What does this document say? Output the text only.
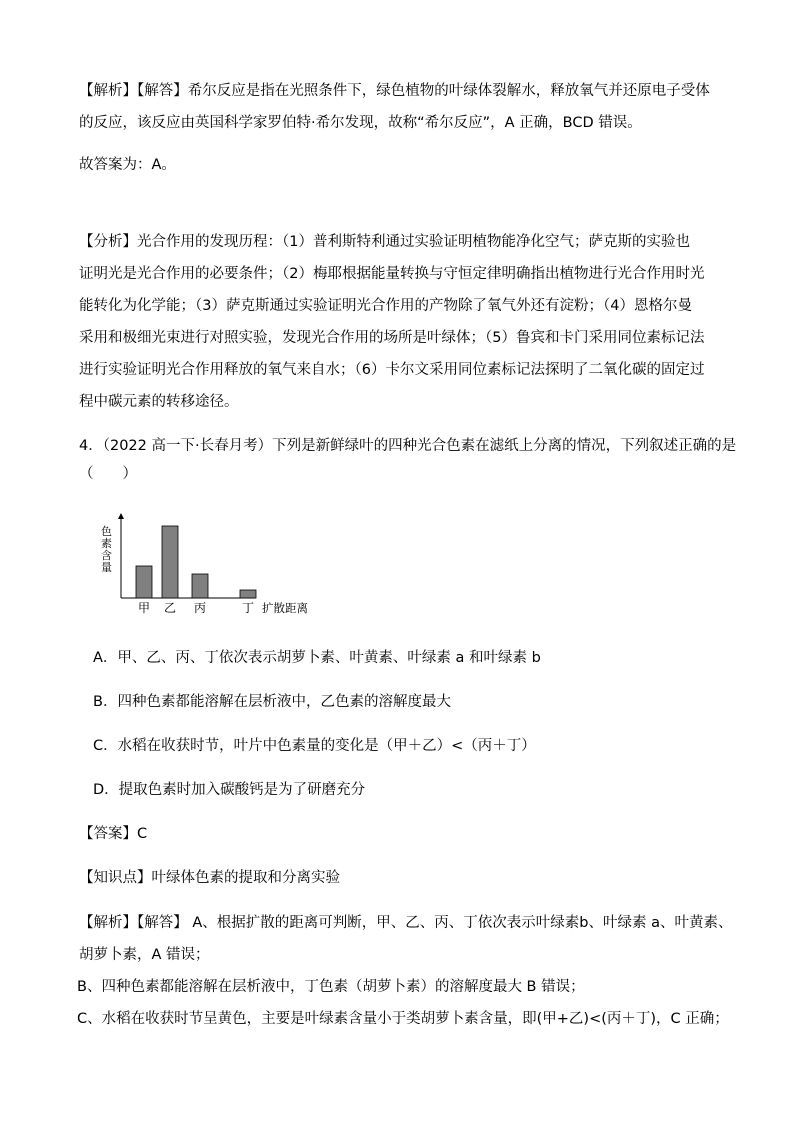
【解析】【解答】希尔反应是指在光照条件下，绿色植物的叶绿体裂解水，释放氧气并还原电子受体
的反应，该反应由英国科学家罗伯特·希尔发现，故称“希尔反应”，A 正确，BCD 错误。
故答案为：A。
【分析】光合作用的发现历程：（1）普利斯特利通过实验证明植物能净化空气；萨克斯的实验也
证明光是光合作用的必要条件；（2）梅耶根据能量转换与守恒定律明确指出植物进行光合作用时光
能转化为化学能；（3）萨克斯通过实验证明光合作用的产物除了氧气外还有淀粉；（4）恩格尔曼
采用和极细光束进行对照实验，发现光合作用的场所是叶绿体；（5）鲁宾和卡门采用同位素标记法
进行实验证明光合作用释放的氧气来自水；（6）卡尔文采用同位素标记法探明了二氧化碳的固定过
程中碳元素的转移途径。
4．（2022 高一下·长春月考）下列是新鲜绿叶的四种光合色素在滤纸上分离的情况，下列叙述正确的是
（　　）
甲 乙 丙	丁
色素含量
扩散距离
A．甲、乙、丙、丁依次表示胡萝卜素、叶黄素、叶绿素 a 和叶绿素 b
B．四种色素都能溶解在层析液中，乙色素的溶解度最大
C．水稻在收获时节，叶片中色素量的变化是（甲＋乙）<（丙＋丁）
D．提取色素时加入碳酸钙是为了研磨充分
【答案】C
【知识点】叶绿体色素的提取和分离实验
【解析】【解答】 A、根据扩散的距离可判断，甲、乙、丙、丁依次表示叶绿素b、叶绿素 a、叶黄素、
胡萝卜素，A 错误；
B、四种色素都能溶解在层析液中，丁色素（胡萝卜素）的溶解度最大 B 错误；
C、水稻在收获时节呈黄色，主要是叶绿素含量小于类胡萝卜素含量，即(甲+乙)<(丙＋丁)，C 正确；
